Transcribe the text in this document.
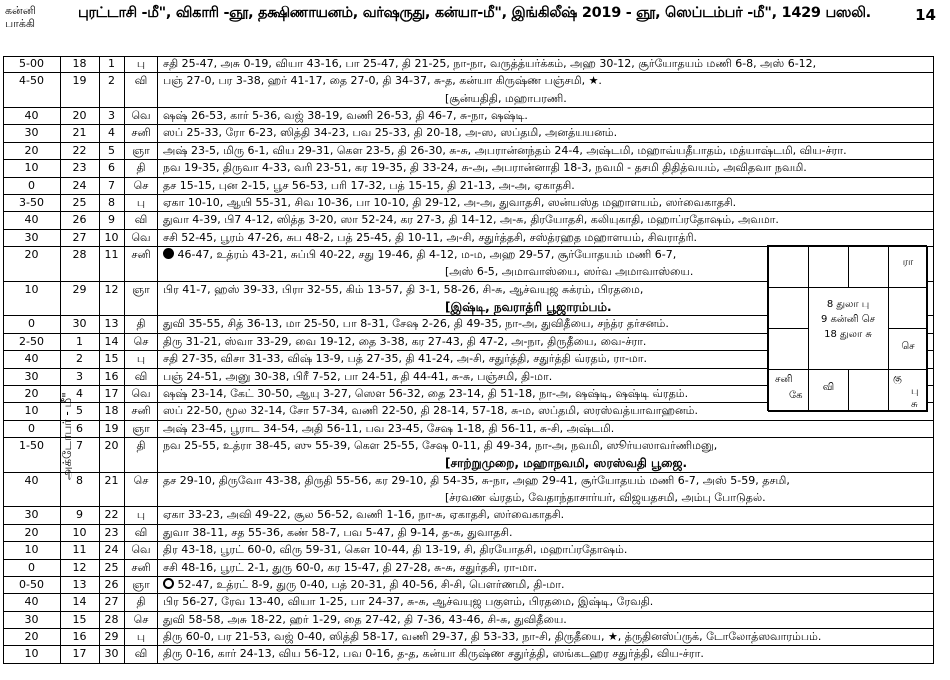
கன்னி
பாக்கி
புரட்டாசி -மீ", விகாரி -ஞூ, தக்ஷிணாயனம், வர்ஷருது, கன்யா-மீ", இங்கிலீஷ் 2019 - ஞூ, ஸெப்டம்பர் -மீ", 1429 பஸலி.	14
அக்டோபர் - மீ"
5-00	18	1	பு	சதி 25-47, அசு 0-19, வியா 43-16, பா 25-47, தி 21-25, நா-நா, வருத்த்யர்க்கம், அஹ 30-12, சூர்யோதயம் மணி 6-8, அஸ் 6-12,
4-50	19	2	வி	பஞ் 27-0, பர 3-38, ஹர் 41-17, தை 27-0, தி 34-37, சு-த, கன்யா கிருஷ்ண பஞ்சமி, ★.
[சூன்யதிதி, மஹாபரணி.
40	20	3	வெ	ஷஷ் 26-53, கார் 5-36, வஜ் 38-19, வணி 26-53, தி 46-7, சு-நா, ஷஷ்டி.
30	21	4	சனி	ஸப் 25-33, ரோ 6-23, ஸித்தி 34-23, பவ 25-33, தி 20-18, அ-ஸ, ஸப்தமி, அனத்யயனம்.
20	22	5	ஞா	அஷ் 23-5, மிரு 6-1, விய 29-31, கௌ 23-5, தி 26-30, சு-சு, அபரான்னந்தம் 24-4, அஷ்டமி, மஹாவ்யதீபாதம், மத்யாஷ்டமி, விய-ச்ரா.
10	23	6	தி	நவ 19-35, திருவா 4-33, வரி 23-51, கர 19-35, தி 33-24, சு-அ, அபரான்னாதி 18-3, நவமி - தசமி திதித்வயம், அவிதவா நவமி.
0	24	7	செ	தச 15-15, புன 2-15, பூச 56-53, பரி 17-32, பத் 15-15, தி 21-13, அ-அ, ஏகாதசி.
3-50	25	8	பு	ஏகா 10-10, ஆயி 55-31, சிவ 10-36, பா 10-10, தி 29-12, அ-அ, துவாதசி, ஸன்யஸ்த மஹாளயம், ஸர்வைகாதசி.
40	26	9	வி	துவா 4-39, பி7 4-12, ஸித்த 3-20, ஸா 52-24, கர 27-3, தி 14-12, அ-சு, திரயோதசி, கலியுகாதி, மஹாப்ரதோஷம், அவமா.
30	27	10	வெ	சசி 52-45, பூரம் 47-26, சுப 48-2, பத் 25-45, தி 10-11, அ-சி, சதுர்த்தசி, சஸ்த்ரஹத மஹாளயம், சிவராத்ரி.
20	28	11	சனி	46-47, உத்ரம் 43-21, சுப்பி 40-22, சது 19-46, தி 4-12, ம-ம, அஹ 29-57, சூர்யோதயம் மணி 6-7,
[அஸ் 6-5, அமாவாஸ்யை, ஸர்வ அமாவாஸ்யை.
10	29	12	ஞா	பிர 41-7, ஹஸ் 39-33, பிரா 32-55, கிம் 13-57, தி 3-1, 58-26, சி-சு, ஆச்வயுஜ சுக்ரம், பிரதமை,
[இஷ்டி, நவராத்ரி பூஜாரம்பம்.
0	30	13	தி	துவி 35-55, சித் 36-13, மா 25-50, பா 8-31, சேஷ 2-26, தி 49-35, நா-அ, துவிதீயை, சந்த்ர தர்சனம்.
2-50	1	14	செ	திரு 31-21, ஸ்வா 33-29, வை 19-12, தை 3-38, கர 27-43, தி 47-2, அ-நா, திருதீயை, வை-ச்ரா.
40	2	15	பு	சதி 27-35, விசா 31-33, விஷ் 13-9, பத் 27-35, தி 41-24, அ-சி, சதுர்த்தி, சதுர்த்தி வ்ரதம், ரா-மா.
30	3	16	வி	பஞ் 24-51, அனு 30-38, பிரீ 7-52, பா 24-51, தி 44-41, சு-சு, பஞ்சமி, தி-மா.
20	4	17	வெ	ஷஷ் 23-14, கேட் 30-50, ஆயு 3-27, ஸௌ 56-32, தை 23-14, தி 51-18, நா-அ, ஷஷ்டி, ஷஷ்டி வ்ரதம்.
10	5	18	சனி	ஸப் 22-50, மூல 32-14, சோ 57-34, வணி 22-50, தி 28-14, 57-18, சு-ம, ஸப்தமி, ஸரஸ்வத்யாவாஹனம்.
0	6	19	ஞா	அஷ் 23-45, பூராட 34-54, அதி 56-11, பவ 23-45, சேஷ 1-18, தி 56-11, சு-சி, அஷ்டமி.
1-50	7	20	தி	நவ 25-55, உத்ரா 38-45, ஸு 55-39, கௌ 25-55, சேஷ 0-11, தி 49-34, நா-அ, நவமி, ஸூர்யஸாவர்ணிமனு,
[சாற்றுமுறை, மஹாநவமி, ஸரஸ்வதி பூஜை.
40	8	21	செ	தச 29-10, திருவோ 43-38, திருதி 55-56, கர 29-10, தி 54-35, சு-நா, அஹ 29-41, சூர்யோதயம் மணி 6-7, அஸ் 5-59, தசமி,
[ச்ரவண வ்ரதம், வேதாந்தாசார்யர், விஜயதசமி, அம்பு போடுதல்.
30	9	22	பு	ஏகா 33-23, அவி 49-22, சூல 56-52, வணி 1-16, நா-சு, ஏகாதசி, ஸர்வைகாதசி.
20	10	23	வி	துவா 38-11, சத 55-36, கண் 58-7, பவ 5-47, தி 9-14, த-சு, துவாதசி.
10	11	24	வெ	திர 43-18, பூரட் 60-0, விரு 59-31, கௌ 10-44, தி 13-19, சி, திரயோதசி, மஹாப்ரதோஷம்.
0	12	25	சனி	சசி 48-16, பூரட் 2-1, துரு 60-0, கர 15-47, தி 27-28, சு-சு, சதுர்தசி, ரா-மா.
0-50	13	26	ஞா	52-47, உத்ரட் 8-9, துரு 0-40, பத் 20-31, தி 40-56, சி-சி, பௌர்ணமி, தி-மா.
40	14	27	தி	பிர 56-27, ரேவ 13-40, வியா 1-25, பா 24-37, சு-சு, ஆச்வயுஜ பகுளம், பிரதமை, இஷ்டி, ரேவதி.
30	15	28	செ	துவி 58-58, அசு 18-22, ஹர் 1-29, தை 27-42, தி 7-36, 43-46, சி-சு, துவிதீயை.
20	16	29	பு	திரு 60-0, பர 21-53, வஜ் 0-40, ஸித்தி 58-17, வணி 29-37, தி 53-33, நா-சி, திருதீயை, ★, த்ருதினஸ்ப்ருக், டோலோத்ஸவாரம்பம்.
10	17	30	வி	திரு 0-16, கார் 24-13, விய 56-12, பவ 0-16, த-த, கன்யா கிருஷ்ண சதுர்த்தி, ஸங்கடஹர சதுர்த்தி, விய-ச்ரா.
ரா
செ
சனி
கே
வி
கு
பு
சு
8 துலா பு
9 கன்னி செ
18 துலா சு
